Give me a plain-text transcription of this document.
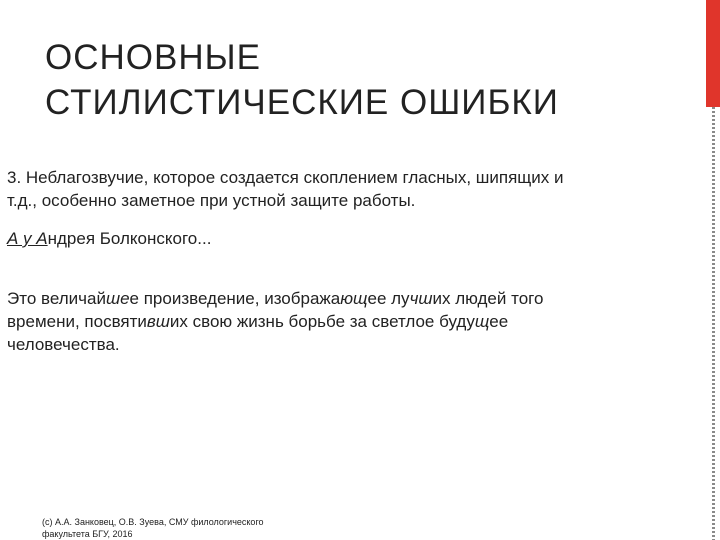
ОСНОВНЫЕ
СТИЛИСТИЧЕСКИЕ ОШИБКИ

3. Неблагозвучие, которое создается скоплением гласных, шипящих и
т.д., особенно заметное при устной защите работы.

А у Андрея Болконского...

Это величайшее произведение, изображающее лучших людей того
времени, посвятивших свою жизнь борьбе за светлое будущее
человечества.

(с) А.А. Занковец, О.В. Зуева, СМУ филологического
факультета БГУ, 2016
